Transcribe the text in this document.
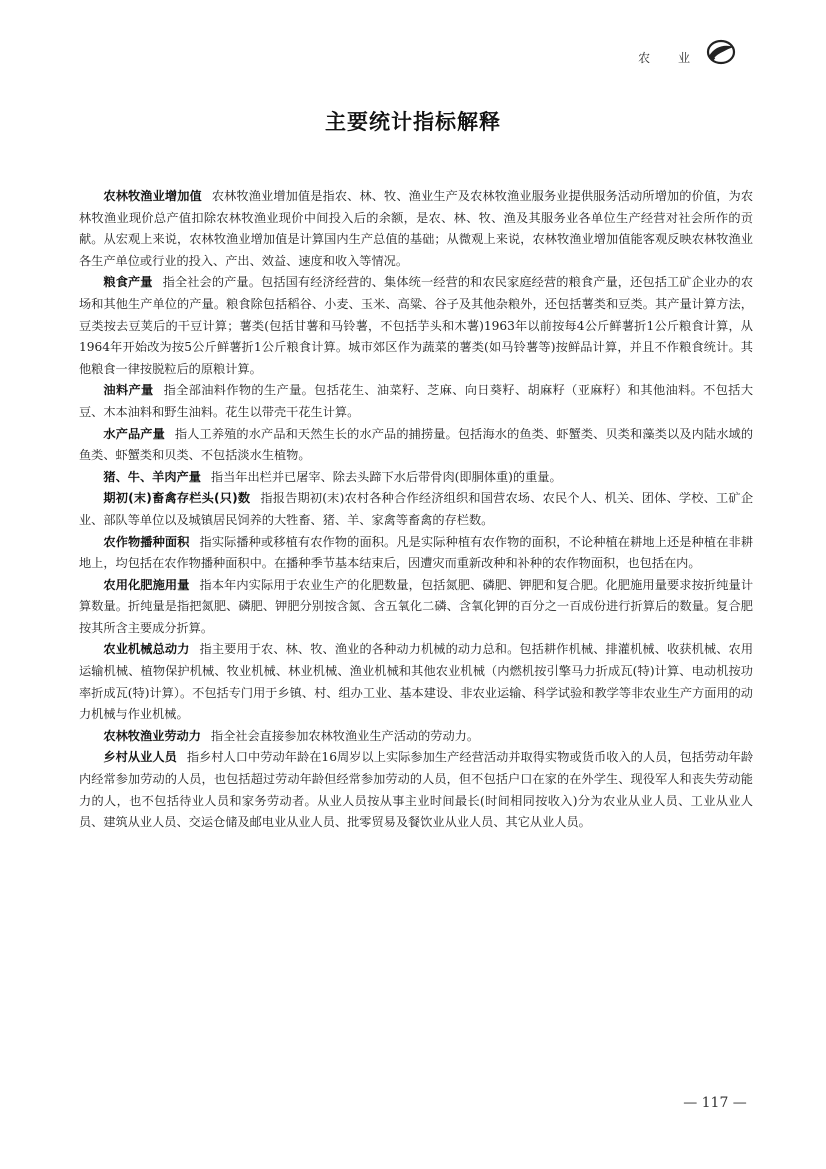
农 业
主要统计指标解释

农林牧渔业增加值 农林牧渔业增加值是指农、林、牧、渔业生产及农林牧渔业服务业提供服务活动所增加的价值，为农林牧渔业现价总产值扣除农林牧渔业现价中间投入后的余额，是农、林、牧、渔及其服务业各单位生产经营对社会所作的贡献。从宏观上来说，农林牧渔业增加值是计算国内生产总值的基础；从微观上来说，农林牧渔业增加值能客观反映农林牧渔业各生产单位或行业的投入、产出、效益、速度和收入等情况。

粮食产量 指全社会的产量。包括国有经济经营的、集体统一经营的和农民家庭经营的粮食产量，还包括工矿企业办的农场和其他生产单位的产量。粮食除包括稻谷、小麦、玉米、高粱、谷子及其他杂粮外，还包括薯类和豆类。其产量计算方法，豆类按去豆荚后的干豆计算；薯类(包括甘薯和马铃薯，不包括芋头和木薯)1963年以前按每4公斤鲜薯折1公斤粮食计算，从1964年开始改为按5公斤鲜薯折1公斤粮食计算。城市郊区作为蔬菜的薯类(如马铃薯等)按鲜品计算，并且不作粮食统计。其他粮食一律按脱粒后的原粮计算。

油料产量 指全部油料作物的生产量。包括花生、油菜籽、芝麻、向日葵籽、胡麻籽（亚麻籽）和其他油料。不包括大豆、木本油料和野生油料。花生以带壳干花生计算。

水产品产量 指人工养殖的水产品和天然生长的水产品的捕捞量。包括海水的鱼类、虾蟹类、贝类和藻类以及内陆水域的鱼类、虾蟹类和贝类、不包括淡水生植物。

猪、牛、羊肉产量 指当年出栏并已屠宰、除去头蹄下水后带骨肉(即胴体重)的重量。

期初(末)畜禽存栏头(只)数 指报告期初(末)农村各种合作经济组织和国营农场、农民个人、机关、团体、学校、工矿企业、部队等单位以及城镇居民饲养的大牲畜、猪、羊、家禽等畜禽的存栏数。

农作物播种面积 指实际播种或移植有农作物的面积。凡是实际种植有农作物的面积，不论种植在耕地上还是种植在非耕地上，均包括在农作物播种面积中。在播种季节基本结束后，因遭灾而重新改种和补种的农作物面积，也包括在内。

农用化肥施用量 指本年内实际用于农业生产的化肥数量，包括氮肥、磷肥、钾肥和复合肥。化肥施用量要求按折纯量计算数量。折纯量是指把氮肥、磷肥、钾肥分别按含氮、含五氧化二磷、含氧化钾的百分之一百成份进行折算后的数量。复合肥按其所含主要成分折算。

农业机械总动力 指主要用于农、林、牧、渔业的各种动力机械的动力总和。包括耕作机械、排灌机械、收获机械、农用运输机械、植物保护机械、牧业机械、林业机械、渔业机械和其他农业机械（内燃机按引擎马力折成瓦(特)计算、电动机按功率折成瓦(特)计算）。不包括专门用于乡镇、村、组办工业、基本建设、非农业运输、科学试验和教学等非农业生产方面用的动力机械与作业机械。

农林牧渔业劳动力 指全社会直接参加农林牧渔业生产活动的劳动力。

乡村从业人员 指乡村人口中劳动年龄在16周岁以上实际参加生产经营活动并取得实物或货币收入的人员，包括劳动年龄内经常参加劳动的人员，也包括超过劳动年龄但经常参加劳动的人员，但不包括户口在家的在外学生、现役军人和丧失劳动能力的人，也不包括待业人员和家务劳动者。从业人员按从事主业时间最长(时间相同按收入)分为农业从业人员、工业从业人员、建筑从业人员、交运仓储及邮电业从业人员、批零贸易及餐饮业从业人员、其它从业人员。

— 117 —
